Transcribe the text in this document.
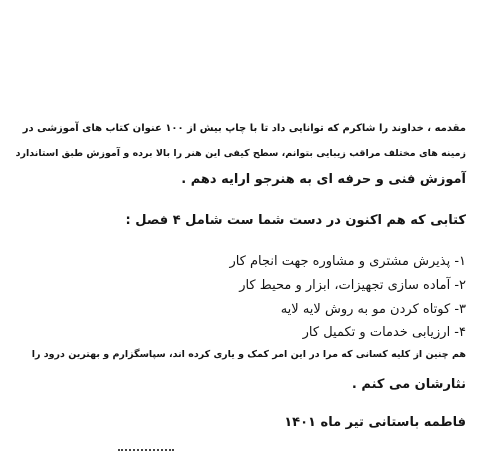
مقدمه ، خداوند را شاکرم که توانایی داد تا با چاپ بیش از ۱۰۰ عنوان کتاب های آموزشی در
زمینه های مختلف مراقب زیبایی بتوانم، سطح کیفی این هنر را بالا برده و آموزش طبق استاندارد
آموزش فنی و حرفه ای به هنرجو ارایه دهم .
کتابی که هم اکنون در دست شما ست شامل ۴ فصل :
۱- پذیرش مشتری و مشاوره جهت انجام کار
۲- آماده سازی تجهیزات، ابزار و محیط کار
۳- کوتاه کردن مو به روش لایه لایه
۴- ارزیابی خدمات و تکمیل کار
هم چنین از کلیه کسانی که مرا در این امر کمک و یاری کرده اند، سپاسگزارم و بهترین درود را
نثارشان می کنم .
فاطمه باستانی تیر ماه ۱۴۰۱
